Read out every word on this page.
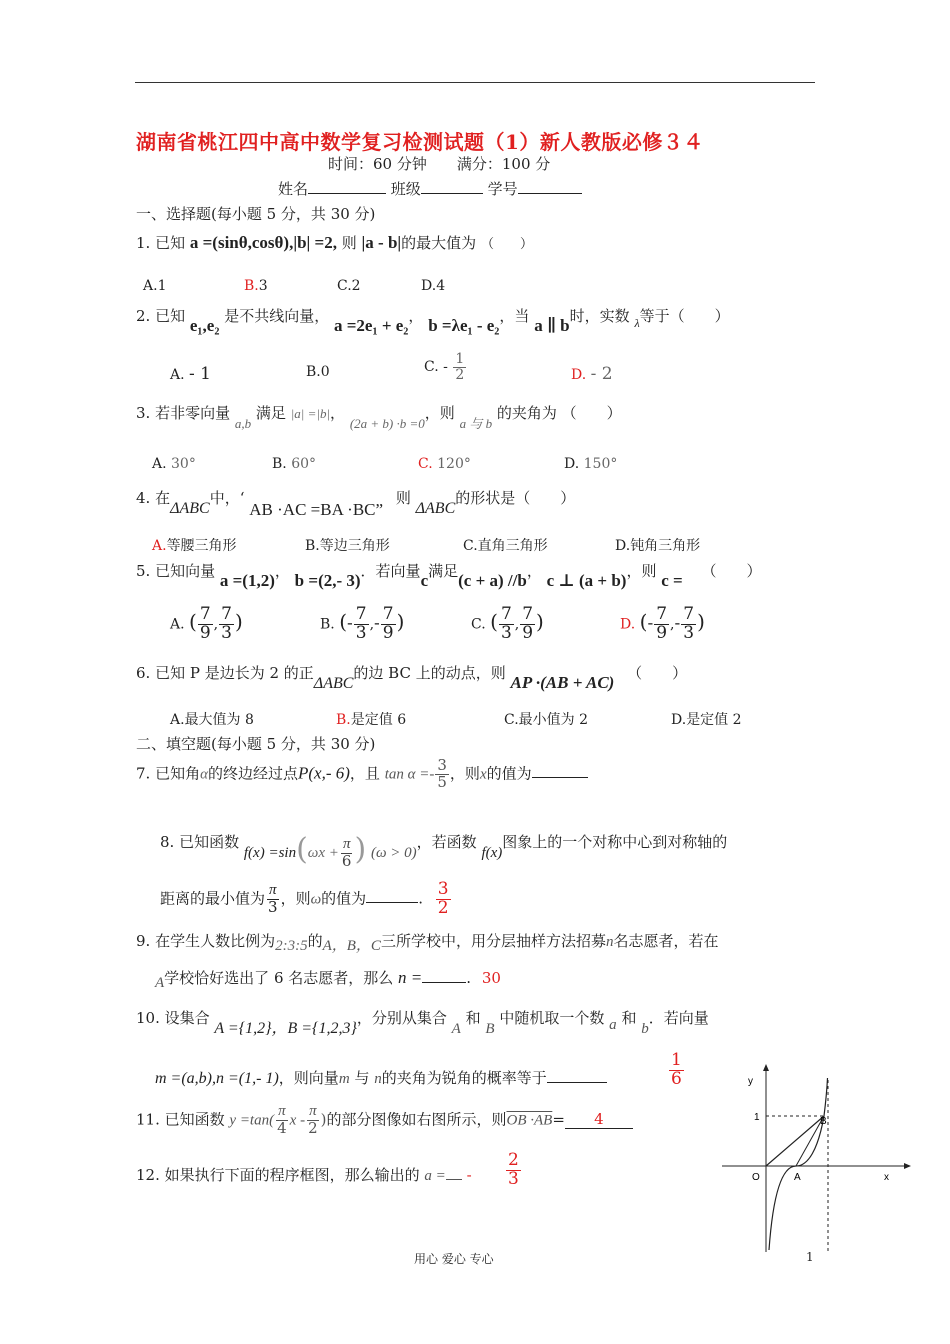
湖南省桃江四中高中数学复习检测试题（1）新人教版必修３４
时间：60 分钟　　满分：100 分
姓名	班级	学号
一、选择题(每小题 5 分，共 30 分)
1. 已知 a =(sinθ,cosθ),|b| =2, 则 |a - b|的最大值为 （　　）
A.1	B.3	C.2	D.4
2. 已知 e₁,e₂ 是不共线向量， a =2e₁ + e₂， b =λe₁ - e₂，当 a ∥ b时，实数 $_\lambda$等于（　　）
A. - 1	B.0	C. - $\frac{1}{2}$	D. - 2
3. 若非零向量 a,b 满足 |a| =|b|， (2a + b) ·b =0，则 a 与 b 的夹角为 （　　）
A. 30°	B. 60°	C. 120°	D. 150°
4. 在ΔABC中，‘ AB ·AC =BA ·BC” 则 ΔABC的形状是（　　）
A.等腰三角形	B.等边三角形	C.直角三角形	D.钝角三角形
5. 已知向量 a =(1,2)， b =(2,- 3)．若向量c满足(c + a) //b， c ⊥ (a + b)，则 c = （　　）
A. ( $\frac{7}{9}$ , $\frac{7}{3}$ )	B. (- $\frac{7}{3}$ ,- $\frac{7}{9}$ )	C. ( $\frac{7}{3}$ , $\frac{7}{9}$ )	D. (- $\frac{7}{9}$ ,- $\frac{7}{3}$ )
6. 已知 P 是边长为 2 的正ΔABC的边 BC 上的动点，则 AP ·(AB + AC) （　　）
A.最大值为 8	B.是定值 6	C.最小值为 2	D.是定值 2
二、填空题(每小题 5 分，共 30 分)
7. 已知角α的终边经过点P(x,- 6)，且 $\tan \alpha =- \frac{3}{5}$ ，则x的值为
8. 已知函数 $f(x) =\sin(\omega x + \frac{\pi}{6}$ ) (ω > 0)，若函数 f(x)图象上的一个对称中心到对称轴的
距离的最小值为 $\frac{\pi}{3}$ ，则ω的值为	. $\frac{3}{2}$
9. 在学生人数比例为2:3:5的A，B，C三所学校中，用分层抽样方法招募n名志愿者，若在
A学校恰好选出了 6 名志愿者，那么 n =	. 30
10. 设集合 A ={1,2}，B ={1,2,3}，分别从集合 A 和 B 中随机取一个数 a 和 b．若向量
m =(a,b),n =(1,- 1)，则向量m 与 n的夹角为锐角的概率等于	$\frac{1}{6}$
11. 已知函数 $y =\tan( \frac{\pi}{4}$ x - $\frac{\pi}{2}$ )的部分图像如右图所示，则OB ·AB= 4
12. 如果执行下面的程序框图，那么输出的 a = - $\frac{2}{3}$
y
x
1
O	A
B
用心 爱心 专心	1
